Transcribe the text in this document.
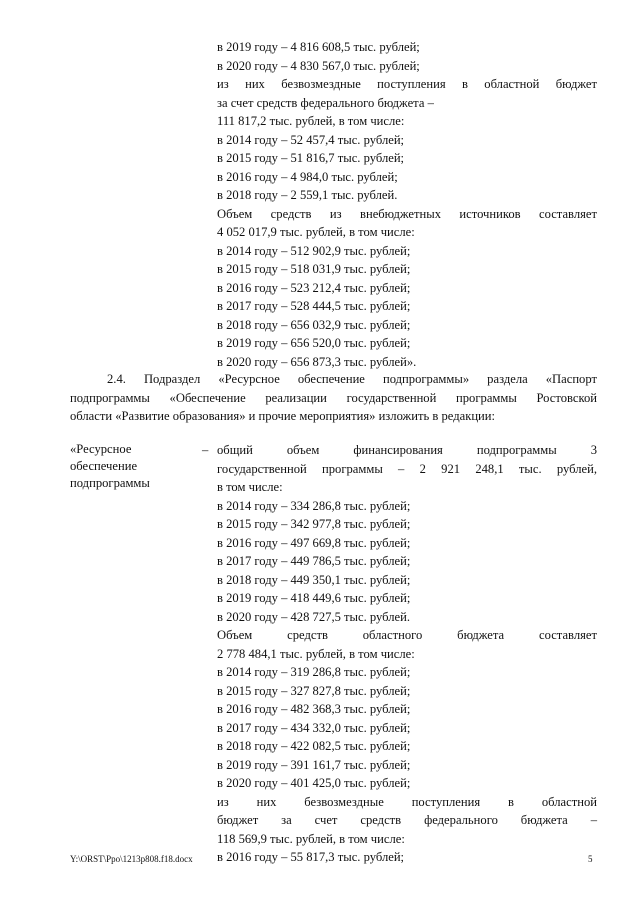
в 2019 году – 4 816 608,5 тыс. рублей;
в 2020 году – 4 830 567,0 тыс. рублей;
из них безвозмездные поступления в областной бюджет
за счет средств федерального бюджета –
111 817,2 тыс. рублей, в том числе:
в 2014 году – 52 457,4 тыс. рублей;
в 2015 году – 51 816,7 тыс. рублей;
в 2016 году – 4 984,0 тыс. рублей;
в 2018 году – 2 559,1 тыс. рублей.
Объем средств из внебюджетных источников составляет
4 052 017,9 тыс. рублей, в том числе:
в 2014 году – 512 902,9 тыс. рублей;
в 2015 году – 518 031,9 тыс. рублей;
в 2016 году – 523 212,4 тыс. рублей;
в 2017 году – 528 444,5 тыс. рублей;
в 2018 году – 656 032,9 тыс. рублей;
в 2019 году – 656 520,0 тыс. рублей;
в 2020 году – 656 873,3 тыс. рублей».
2.4. Подраздел «Ресурсное обеспечение подпрограммы» раздела «Паспорт
подпрограммы «Обеспечение реализации государственной программы Ростовской
области «Развитие образования» и прочие мероприятия» изложить в редакции:
«Ресурсное
обеспечение
подпрограммы
– общий объем финансирования подпрограммы 3
государственной программы – 2 921 248,1 тыс. рублей,
в том числе:
в 2014 году – 334 286,8 тыс. рублей;
в 2015 году – 342 977,8 тыс. рублей;
в 2016 году – 497 669,8 тыс. рублей;
в 2017 году – 449 786,5 тыс. рублей;
в 2018 году – 449 350,1 тыс. рублей;
в 2019 году – 418 449,6 тыс. рублей;
в 2020 году – 428 727,5 тыс. рублей.
Объем средств областного бюджета составляет
2 778 484,1 тыс. рублей, в том числе:
в 2014 году – 319 286,8 тыс. рублей;
в 2015 году – 327 827,8 тыс. рублей;
в 2016 году – 482 368,3 тыс. рублей;
в 2017 году – 434 332,0 тыс. рублей;
в 2018 году – 422 082,5 тыс. рублей;
в 2019 году – 391 161,7 тыс. рублей;
в 2020 году – 401 425,0 тыс. рублей;
из них безвозмездные поступления в областной
бюджет за счет средств федерального бюджета –
118 569,9 тыс. рублей, в том числе:
в 2016 году – 55 817,3 тыс. рублей;
Y:\ORST\Ppo\1213p808.f18.docx	5
